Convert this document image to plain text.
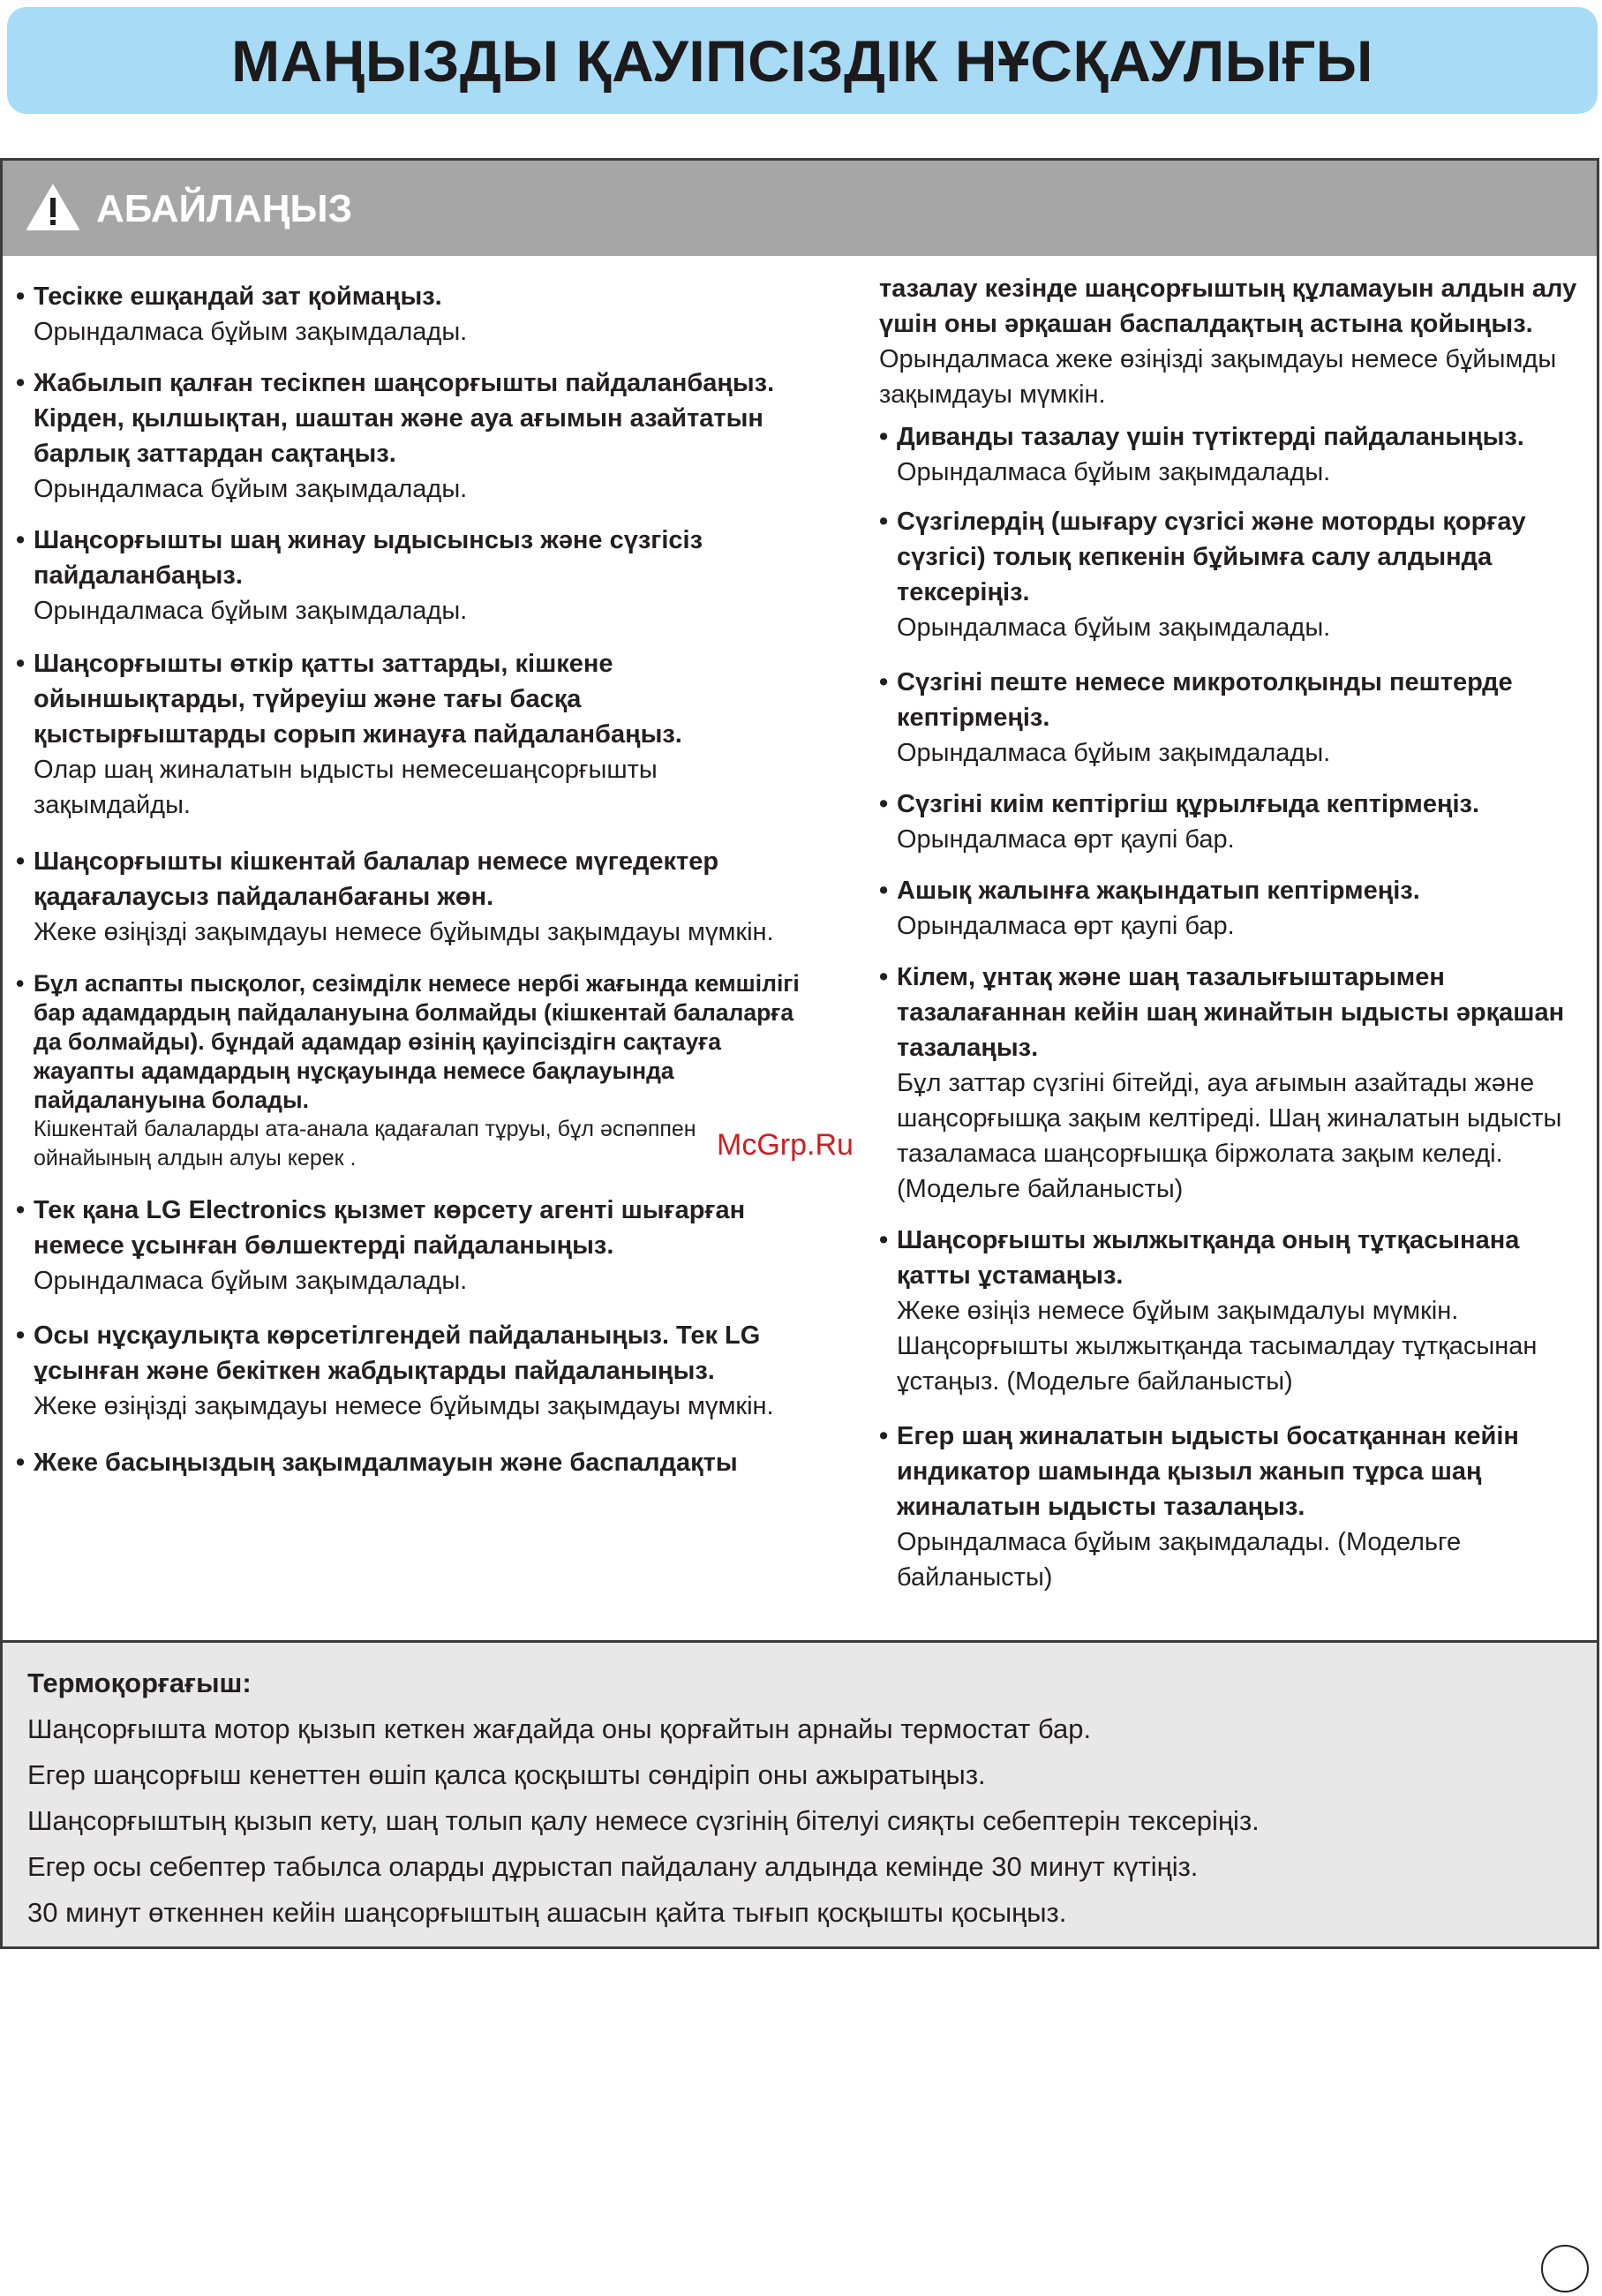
МАҢЫЗДЫ ҚАУІПСІЗДІК НҰСҚАУЛЫҒЫ
АБАЙЛАҢЫЗ
• Тесікке ешқандай зат қоймаңыз.
Орындалмаса бұйым зақымдалады.
• Жабылып қалған тесікпен шаңсорғышты пайдаланбаңыз. Кірден, қылшықтан, шаштан және ауа ағымын азайтатын барлық заттардан сақтаңыз.
Орындалмаса бұйым зақымдалады.
• Шаңсорғышты шаң жинау ыдысынсыз және сүзгісіз пайдаланбаңыз.
Орындалмаса бұйым зақымдалады.
• Шаңсорғышты өткір қатты заттарды, кішкене ойыншықтарды, түйреуіш және тағы басқа қыстырғыштарды сорып жинауға пайдаланбаңыз.
Олар шаң жиналатын ыдысты немесешаңсорғышты зақымдайды.
• Шаңсорғышты кішкентай балалар немесе мүгедектер қадағалаусыз пайдаланбағаны жөн.
Жеке өзіңізді зақымдауы немесе бұйымды зақымдауы мүмкін.
• Бұл аспапты пысқолог, сезімділк немесе нербі жағында кемшілігі бар адамдардың пайдалануына болмайды (кішкентай балаларға да болмайды). бұндай адамдар өзінің қауіпсіздігн сақтауға жауапты адамдардың нұсқауында немесе бақлауында пайдалануына болады.
Кішкентай балаларды ата-анала қадағалап тұруы, бұл әспәппен ойнайының алдын алуы керек .
• Тек қана LG Electronics қызмет көрсету агенті шығарған немесе ұсынған бөлшектерді пайдаланыңыз.
Орындалмаса бұйым зақымдалады.
• Осы нұсқаулықта көрсетілгендей пайдаланыңыз. Тек LG ұсынған және бекіткен жабдықтарды пайдаланыңыз.
Жеке өзіңізді зақымдауы немесе бұйымды зақымдауы мүмкін.
• Жеке басыңыздың зақымдалмауын және баспалдақты
тазалау кезінде шаңсорғыштың құламауын алдын алу үшін оны әрқашан баспалдақтың астына қойыңыз.
Орындалмаса жеке өзіңізді зақымдауы немесе бұйымды зақымдауы мүмкін.
• Диванды тазалау үшін түтіктерді пайдаланыңыз.
Орындалмаса бұйым зақымдалады.
• Сүзгілердің (шығару сүзгісі және моторды қорғау сүзгісі) толық кепкенін бұйымға салу алдында тексеріңіз.
Орындалмаса бұйым зақымдалады.
• Сүзгіні пеште немесе микротолқынды пештерде кептірмеңіз.
Орындалмаса бұйым зақымдалады.
• Сүзгіні киім кептіргіш құрылғыда кептірмеңіз.
Орындалмаса өрт қаупі бар.
• Ашық жалынға жақындатып кептірмеңіз.
Орындалмаса өрт қаупі бар.
• Кілем, ұнтақ және шаң тазалығыштарымен тазалағаннан кейін шаң жинайтын ыдысты әрқашан тазалаңыз.
Бұл заттар сүзгіні бітейді, ауа ағымын азайтады және шаңсорғышқа зақым келтіреді. Шаң жиналатын ыдысты тазаламаса шаңсорғышқа біржолата зақым келеді. (Модельге байланысты)
• Шаңсорғышты жылжытқанда оның тұтқасынана қатты ұстамаңыз.
Жеке өзіңіз немесе бұйым зақымдалуы мүмкін. Шаңсорғышты жылжытқанда тасымалдау тұтқасынан ұстаңыз. (Модельге байланысты)
• Егер шаң жиналатын ыдысты босатқаннан кейін индикатор шамында қызыл жанып тұрса шаң жиналатын ыдысты тазалаңыз.
Орындалмаса бұйым зақымдалады. (Модельге байланысты)
McGrp.Ru
Термоқорғағыш:
Шаңсорғышта мотор қызып кеткен жағдайда оны қорғайтын арнайы термостат бар.
Егер шаңсорғыш кенеттен өшіп қалса қосқышты сөндіріп оны ажыратыңыз.
Шаңсорғыштың қызып кету, шаң толып қалу немесе сүзгінің бітелуі сияқты себептерін тексеріңіз.
Егер осы себептер табылса оларды дұрыстап пайдалану алдында кемінде 30 минут күтіңіз.
30 минут өткеннен кейін шаңсорғыштың ашасын қайта тығып қосқышты қосыңыз.
